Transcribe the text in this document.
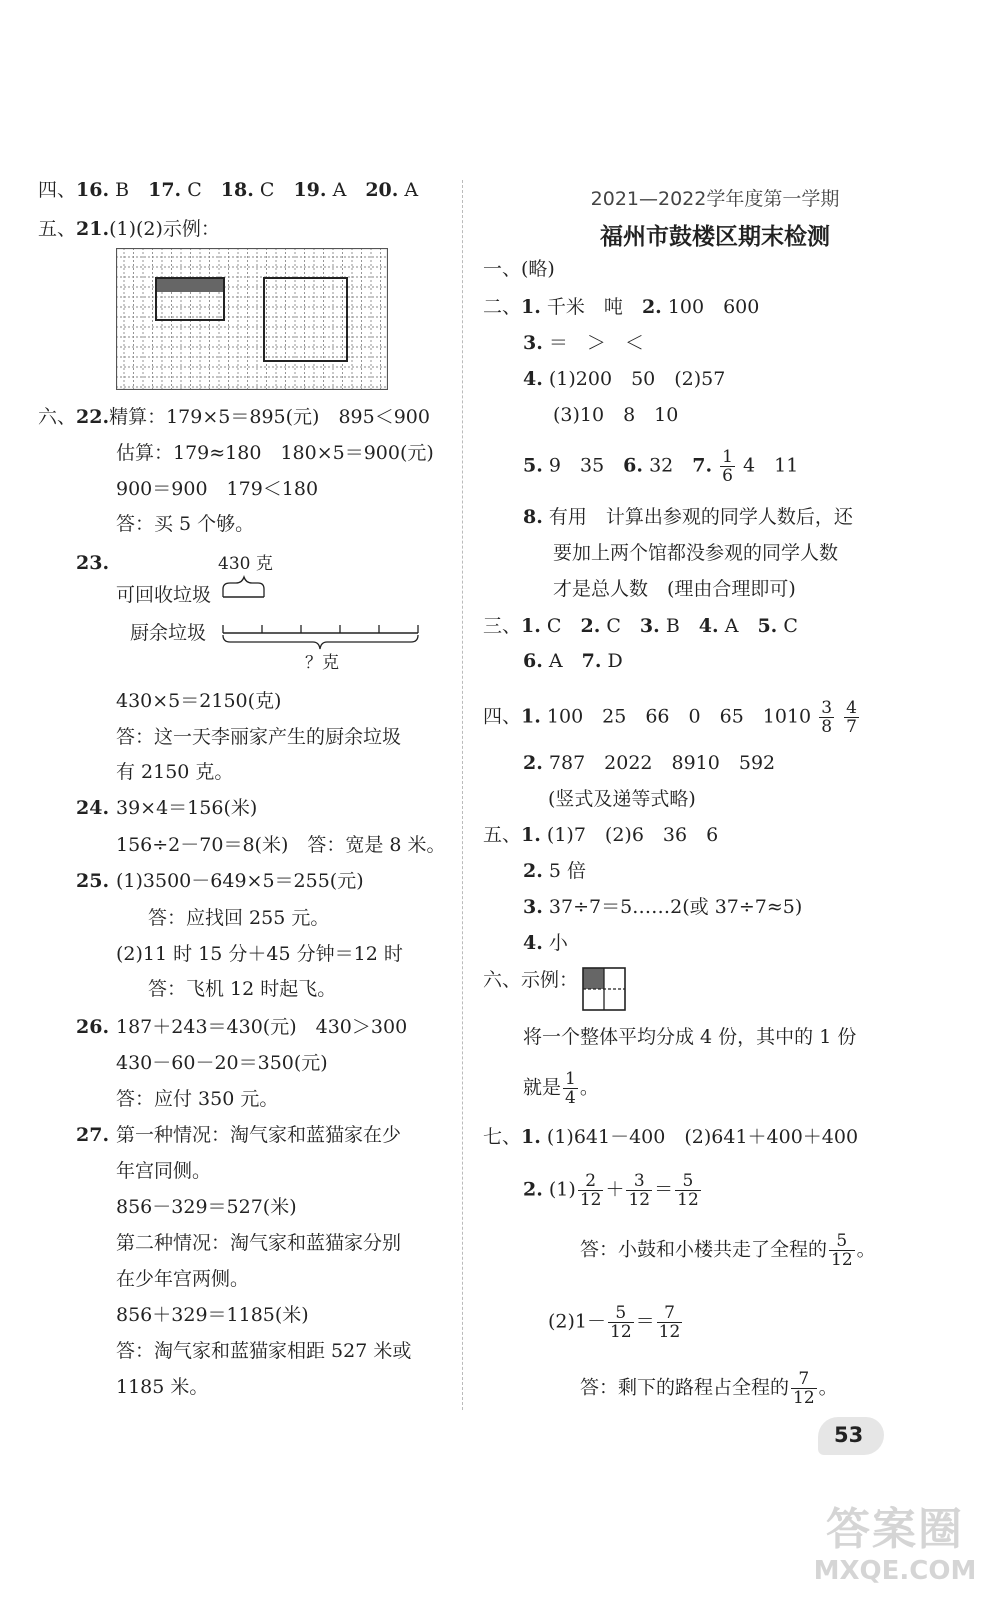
四、16. B　 17. C　 18. C　 19. A　 20. A
五、21.(1)(2)示例：
六、22.精算：179×5＝895(元)　895＜900
估算：179≈180　180×5＝900(元)
900＝900　179＜180
答：买 5 个够。
23.	430 克
可回收垃圾
厨余垃圾
？克
430×5＝2150(克)
答：这一天李丽家产生的厨余垃圾
有 2150 克。
24. 39×4＝156(米)
156÷2－70＝8(米)　答：宽是 8 米。
25. (1)3500－649×5＝255(元)
答：应找回 255 元。
(2)11 时 15 分＋45 分钟＝12 时
答：飞机 12 时起飞。
26. 187＋243＝430(元)　430＞300
430－60－20＝350(元)
答：应付 350 元。
27. 第一种情况：淘气家和蓝猫家在少
年宫同侧。
856－329＝527(米)
第二种情况：淘气家和蓝猫家分别
在少年宫两侧。
856＋329＝1185(米)
答：淘气家和蓝猫家相距 527 米或
1185 米。
2021—2022学年度第一学期
福州市鼓楼区期末检测
一、(略)
二、1. 千米　吨　 2. 100　600
3. ＝　＞　＜
4. (1)200　50　(2)57
(3)10　8　10
5. 9　35　 6. 32　 7. $\frac{1}{6} 4$　11
8. 有用　计算出参观的同学人数后，还
要加上两个馆都没参观的同学人数
才是总人数　(理由合理即可)
三、1. C　 2. C　 3. B　 4. A　 5. C
6. A　 7. D
四、1. 100　25　66　0　65　$1010 \frac{3}{8}$
$\frac{4}{7}$
2. 787　2022　8910　592
(竖式及递等式略)
五、1. (1)7　(2)6　36　6
2. 5 倍
3. 37÷7＝5……2(或 37÷7≈5)
4. 小
六、示例：
将一个整体平均分成 4 份，其中的 1 份
就是 $\frac{1}{4}$ 。
七、1. (1)641－400　(2)641＋400＋400
2. $(1) \frac{2}{12} + \frac{3}{12} = \frac{5}{12}$
答：小鼓和小楼共走了全程的 $\frac{5}{12}$ 。
$(2)1- \frac{5}{12} = \frac{7}{12}$
答：剩下的路程占全程的 $\frac{7}{12}$ 。
53
答案圈
MXQE.COM
